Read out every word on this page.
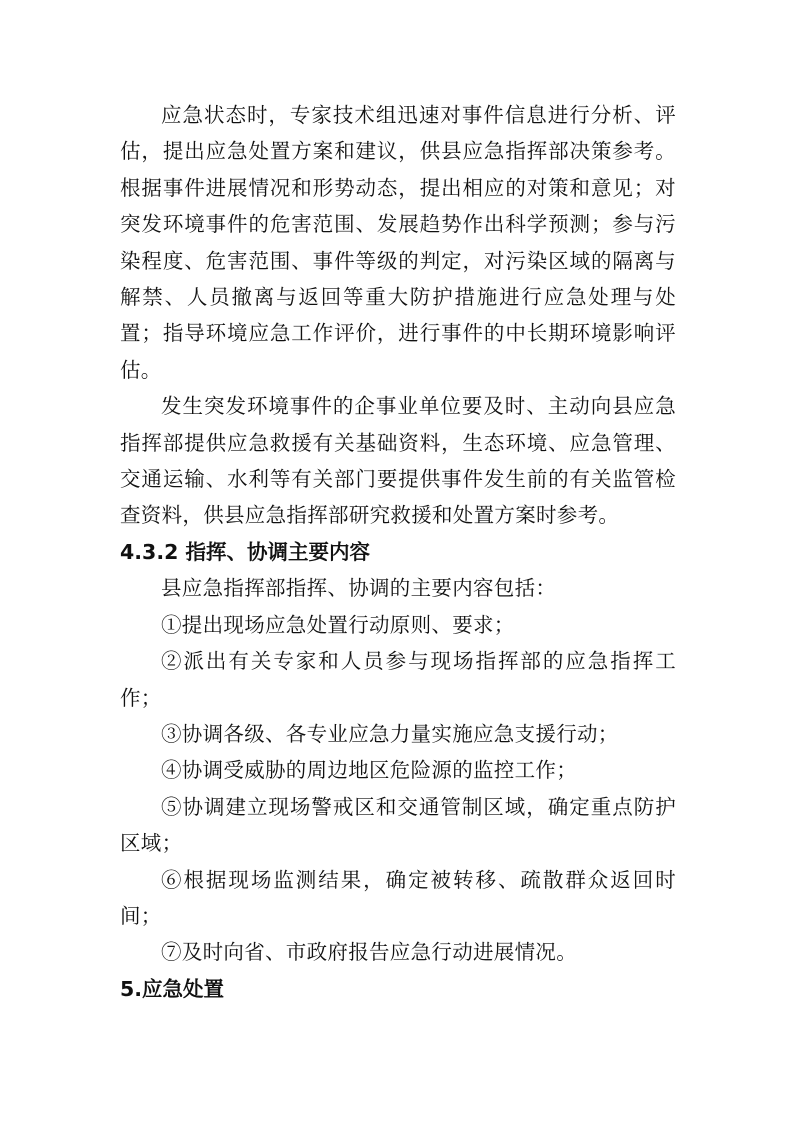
应急状态时，专家技术组迅速对事件信息进行分析、评估，提出应急处置方案和建议，供县应急指挥部决策参考。根据事件进展情况和形势动态，提出相应的对策和意见；对突发环境事件的危害范围、发展趋势作出科学预测；参与污染程度、危害范围、事件等级的判定，对污染区域的隔离与解禁、人员撤离与返回等重大防护措施进行应急处理与处置；指导环境应急工作评价，进行事件的中长期环境影响评估。

发生突发环境事件的企事业单位要及时、主动向县应急指挥部提供应急救援有关基础资料，生态环境、应急管理、交通运输、水利等有关部门要提供事件发生前的有关监管检查资料，供县应急指挥部研究救援和处置方案时参考。

4.3.2 指挥、协调主要内容

县应急指挥部指挥、协调的主要内容包括：

①提出现场应急处置行动原则、要求；

②派出有关专家和人员参与现场指挥部的应急指挥工作；

③协调各级、各专业应急力量实施应急支援行动；

④协调受威胁的周边地区危险源的监控工作；

⑤协调建立现场警戒区和交通管制区域，确定重点防护区域；

⑥根据现场监测结果，确定被转移、疏散群众返回时间；

⑦及时向省、市政府报告应急行动进展情况。

5.应急处置
